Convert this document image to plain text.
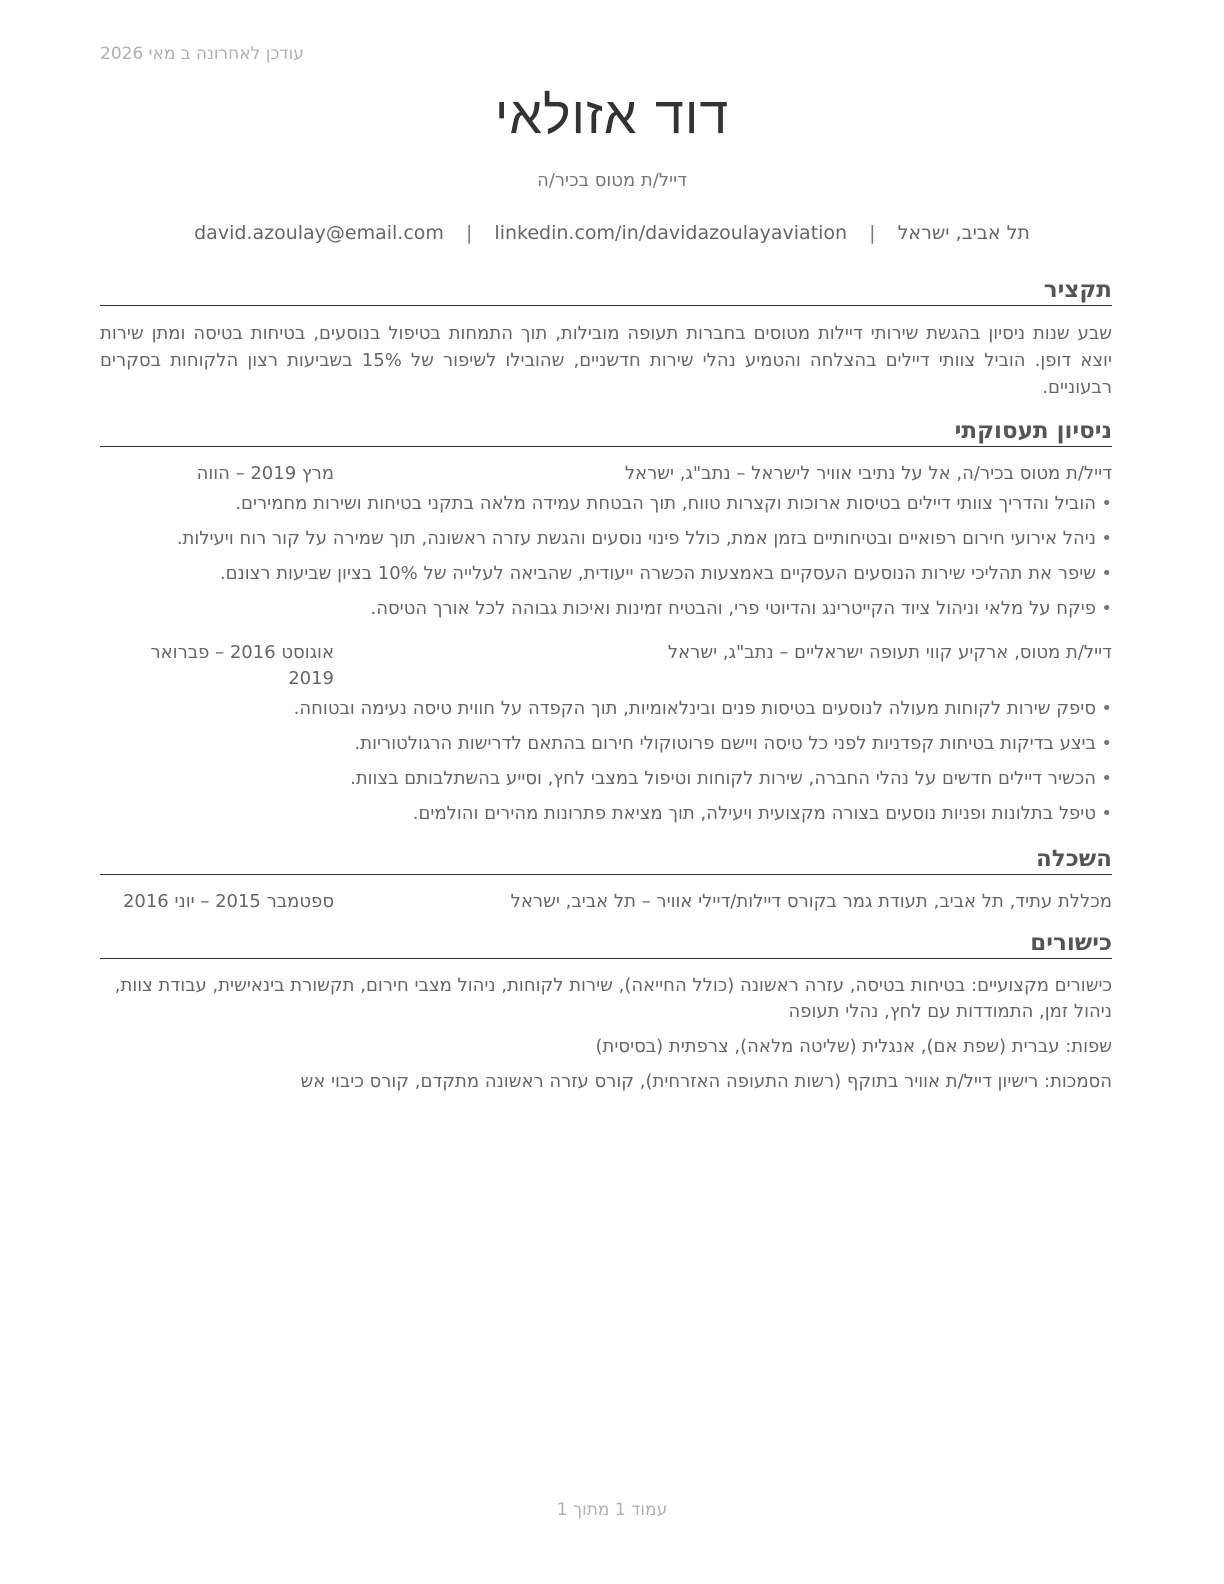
עודכן לאחרונה ב מאי 2026
דוד אזולאי
דייל/ת מטוס בכיר/ה
תל אביב, ישראל | david.azoulay@email.com | linkedin.com/in/davidazoulayaviation
תקציר

שבע שנות ניסיון בהגשת שירותי דיילות מטוסים בחברות תעופה מובילות, תוך התמחות בטיפול בנוסעים, בטיחות בטיסה ומתן שירות יוצא דופן. הוביל צוותי דיילים בהצלחה והטמיע נהלי שירות חדשניים, שהובילו לשיפור של 15% בשביעות רצון הלקוחות בסקרים רבעוניים.

ניסיון תעסוקתי
דייל/ת מטוס בכיר/ה, אל על נתיבי אוויר לישראל – נתב"ג, ישראל
מרץ 2019 – הווה
• הוביל והדריך צוותי דיילים בטיסות ארוכות וקצרות טווח, תוך הבטחת עמידה מלאה בתקני בטיחות ושירות מחמירים.
• ניהל אירועי חירום רפואיים ובטיחותיים בזמן אמת, כולל פינוי נוסעים והגשת עזרה ראשונה, תוך שמירה על קור רוח ויעילות.
• שיפר את תהליכי שירות הנוסעים העסקיים באמצעות הכשרה ייעודית, שהביאה לעלייה של 10% בציון שביעות רצונם.
• פיקח על מלאי וניהול ציוד הקייטרינג והדיוטי פרי, והבטיח זמינות ואיכות גבוהה לכל אורך הטיסה.
דייל/ת מטוס, ארקיע קווי תעופה ישראליים – נתב"ג, ישראל
אוגוסט 2016 – פברואר 2019
• סיפק שירות לקוחות מעולה לנוסעים בטיסות פנים ובינלאומיות, תוך הקפדה על חווית טיסה נעימה ובטוחה.
• ביצע בדיקות בטיחות קפדניות לפני כל טיסה ויישם פרוטוקולי חירום בהתאם לדרישות הרגולטוריות.
• הכשיר דיילים חדשים על נהלי החברה, שירות לקוחות וטיפול במצבי לחץ, וסייע בהשתלבותם בצוות.
• טיפל בתלונות ופניות נוסעים בצורה מקצועית ויעילה, תוך מציאת פתרונות מהירים והולמים.
השכלה
מכללת עתיד, תל אביב, תעודת גמר בקורס דיילות/דיילי אוויר – תל אביב, ישראל
ספטמבר 2015 – יוני 2016
כישורים

כישורים מקצועיים: בטיחות בטיסה, עזרה ראשונה (כולל החייאה), שירות לקוחות, ניהול מצבי חירום, תקשורת בינאישית, עבודת צוות, ניהול זמן, התמודדות עם לחץ, נהלי תעופה

שפות: עברית (שפת אם), אנגלית (שליטה מלאה), צרפתית (בסיסית)

הסמכות: רישיון דייל/ת אוויר בתוקף (רשות התעופה האזרחית), קורס עזרה ראשונה מתקדם, קורס כיבוי אש

עמוד 1 מתוך 1
